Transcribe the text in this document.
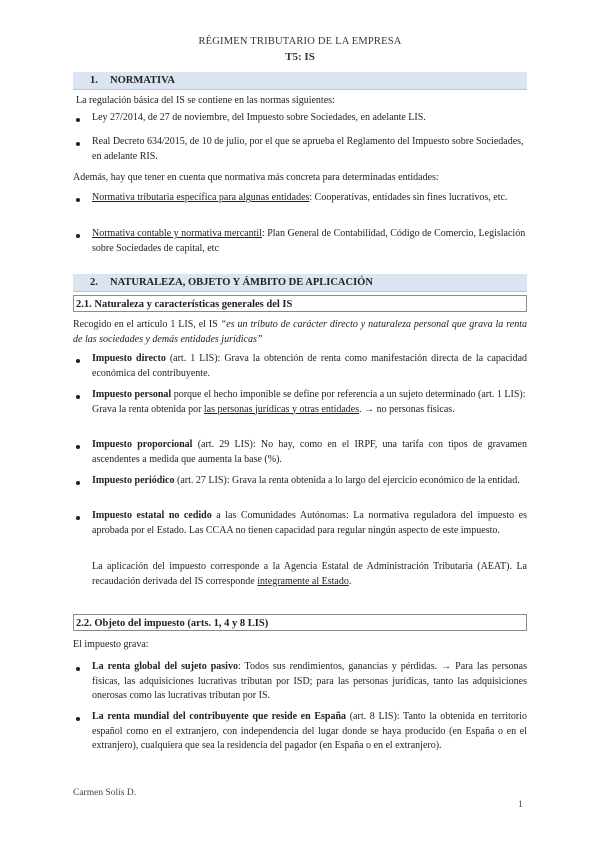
RÉGIMEN TRIBUTARIO DE LA EMPRESA
T5: IS
1. NORMATIVA
La regulación básica del IS se contiene en las normas siguientes:
Ley 27/2014, de 27 de noviembre, del Impuesto sobre Sociedades, en adelante LIS.
Real Decreto 634/2015, de 10 de julio, por el que se aprueba el Reglamento del Impuesto sobre Sociedades, en adelante RIS.
Además, hay que tener en cuenta que normativa más concreta para determinadas entidades:
Normativa tributaria específica para algunas entidades: Cooperativas, entidades sin fines lucrativos, etc.
Normativa contable y normativa mercantil: Plan General de Contabilidad, Código de Comercio, Legislación sobre Sociedades de capital, etc
2. NATURALEZA, OBJETO Y ÁMBITO DE APLICACIÓN
2.1. Naturaleza y características generales del IS
Recogido en el artículo 1 LIS, el IS “es un tributo de carácter directo y naturaleza personal que grava la renta de las sociedades y demás entidades jurídicas”
Impuesto directo (art. 1 LIS): Grava la obtención de renta como manifestación directa de la capacidad económica del contribuyente.
Impuesto personal porque el hecho imponible se define por referencia a un sujeto determinado (art. 1 LIS): Grava la renta obtenida por las personas jurídicas y otras entidades. → no personas físicas.
Impuesto proporcional (art. 29 LIS): No hay, como en el IRPF, una tarifa con tipos de gravamen ascendentes a medida que aumenta la base (%).
Impuesto periódico (art. 27 LIS): Grava la renta obtenida a lo largo del ejercicio económico de la entidad.
Impuesto estatal no cedido a las Comunidades Autónomas: La normativa reguladora del impuesto es aprobada por el Estado. Las CCAA no tienen capacidad para regular ningún aspecto de este impuesto.
La aplicación del impuesto corresponde a la Agencia Estatal de Administración Tributaria (AEAT). La recaudación derivada del IS corresponde íntegramente al Estado.
2.2. Objeto del impuesto (arts. 1, 4 y 8 LIS)
El impuesto grava:
La renta global del sujeto pasivo: Todos sus rendimientos, ganancias y pérdidas. → Para las personas físicas, las adquisiciones lucrativas tributan por ISD; para las personas jurídicas, tanto las adquisiciones onerosas como las lucrativas tributan por IS.
La renta mundial del contribuyente que reside en España (art. 8 LIS): Tanto la obtenida en territorio español como en el extranjero, con independencia del lugar donde se haya producido (en España o en el extranjero), cualquiera que sea la residencia del pagador (en España o en el extranjero).
Carmen Solís D.
1
